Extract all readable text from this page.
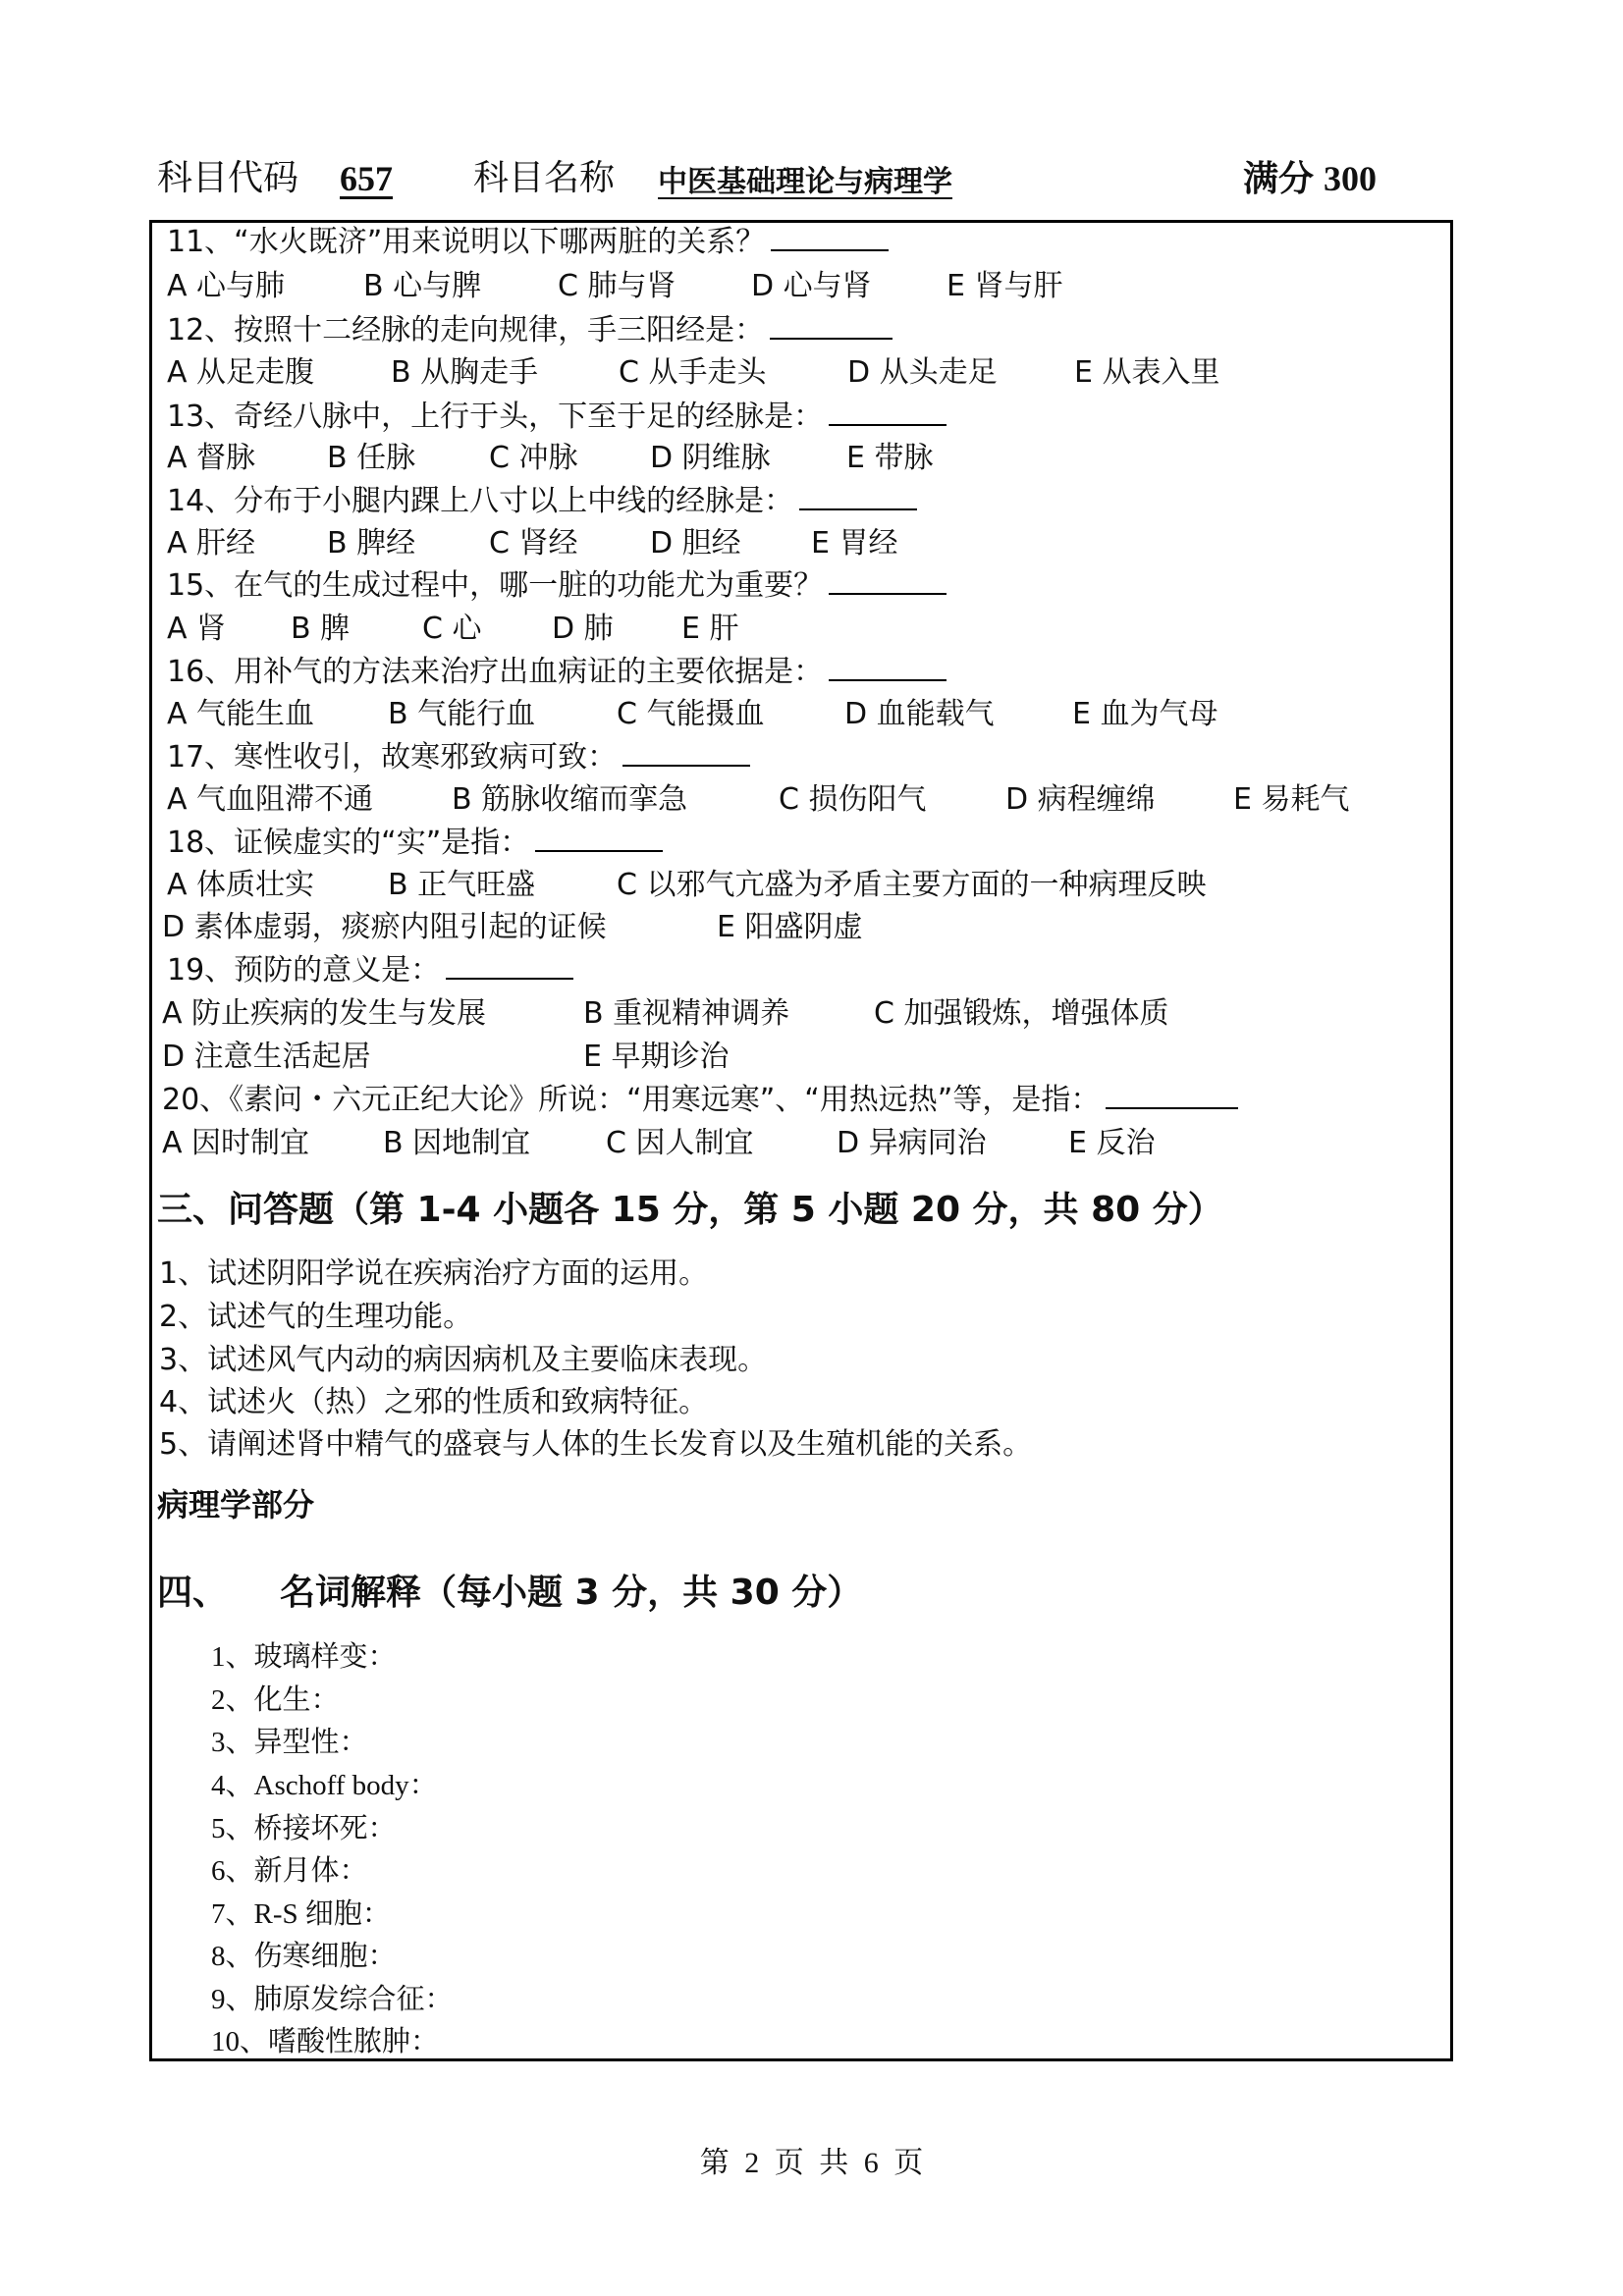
科目代码 657 科目名称 中医基础理论与病理学	满分 300
11、“水火既济”用来说明以下哪两脏的关系？
A 心与肺	B 心与脾	C 肺与肾	D 心与肾	E 肾与肝
12、按照十二经脉的走向规律，手三阳经是：
A 从足走腹	B 从胸走手	C 从手走头	D 从头走足	E 从表入里
13、奇经八脉中，上行于头，下至于足的经脉是：
A 督脉 B 任脉 C 冲脉 D 阴维脉	E 带脉
14、分布于小腿内踝上八寸以上中线的经脉是：
A 肝经 B 脾经 C 肾经 D 胆经 E 胃经
15、在气的生成过程中，哪一脏的功能尤为重要？
A 肾 B 脾 C 心 D 肺 E 肝
16、用补气的方法来治疗出血病证的主要依据是：
A 气能生血 B 气能行血	C 气能摄血	D 血能载气	E 血为气母
17、寒性收引，故寒邪致病可致：
A 气血阻滞不通	B 筋脉收缩而挛急	C 损伤阳气	D 病程缠绵	E 易耗气
18、证候虚实的“实”是指：
A 体质壮实 B 正气旺盛	C 以邪气亢盛为矛盾主要方面的一种病理反映
D 素体虚弱，痰瘀内阻引起的证候	E 阳盛阴虚
19、预防的意义是：
A 防止疾病的发生与发展	B 重视精神调养	C 加强锻炼，增强体质
D 注意生活起居	E 早期诊治
20、《素问・六元正纪大论》所说：“用寒远寒”、“用热远热”等，是指：
A 因时制宜 B 因地制宜	C 因人制宜	D 异病同治	E 反治
三、问答题（第 1-4 小题各 15 分，第 5 小题 20 分，共 80 分）
1、试述阴阳学说在疾病治疗方面的运用。
2、试述气的生理功能。
3、试述风气内动的病因病机及主要临床表现。
4、试述火（热）之邪的性质和致病特征。
5、请阐述肾中精气的盛衰与人体的生长发育以及生殖机能的关系。
病理学部分
四、 名词解释（每小题 3 分，共 30 分）
1、玻璃样变：
2、化生：
3、异型性：
4、Aschoff body：
5、桥接坏死：
6、新月体：
7、R-S 细胞：
8、伤寒细胞：
9、肺原发综合征：
10、嗜酸性脓肿：
第 2 页 共 6 页
